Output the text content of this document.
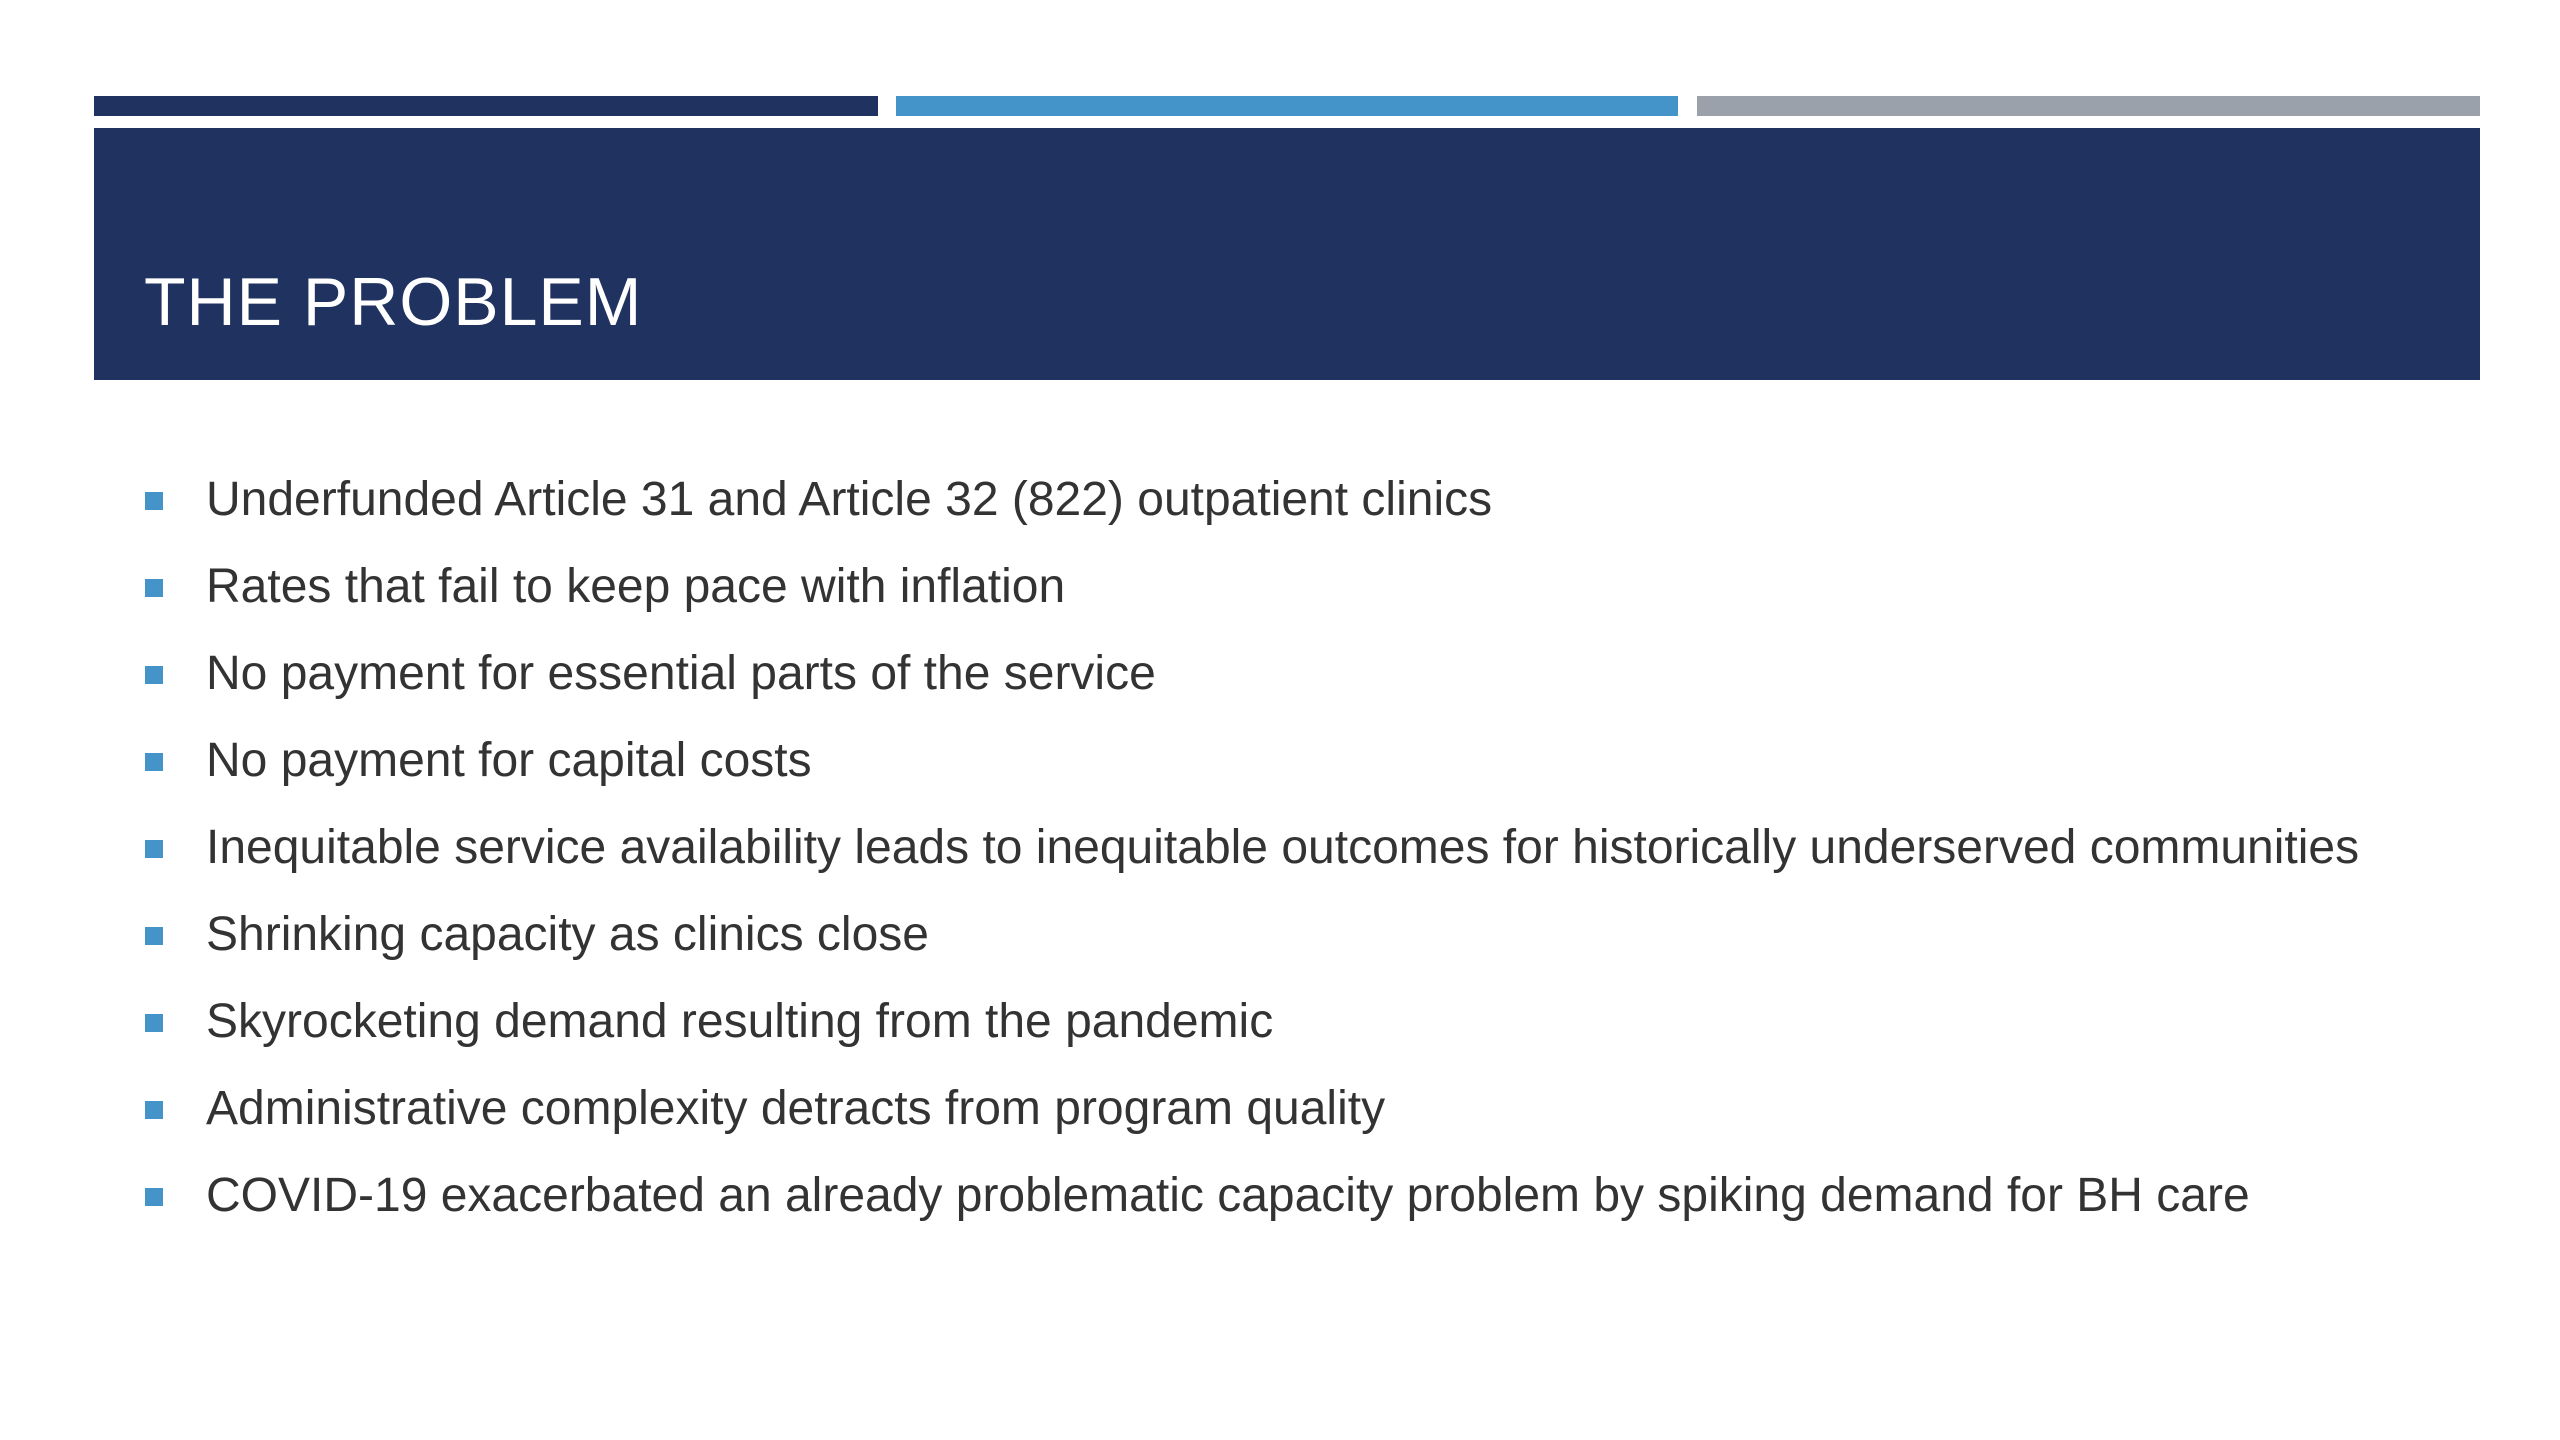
THE PROBLEM
Underfunded Article 31 and Article 32 (822) outpatient clinics
Rates that fail to keep pace with inflation
No payment for essential parts of the service
No payment for capital costs
Inequitable service availability leads to inequitable outcomes for historically underserved communities
Shrinking capacity as clinics close
Skyrocketing demand resulting from the pandemic
Administrative complexity detracts from program quality
COVID-19 exacerbated an already problematic capacity problem by spiking demand for BH care
